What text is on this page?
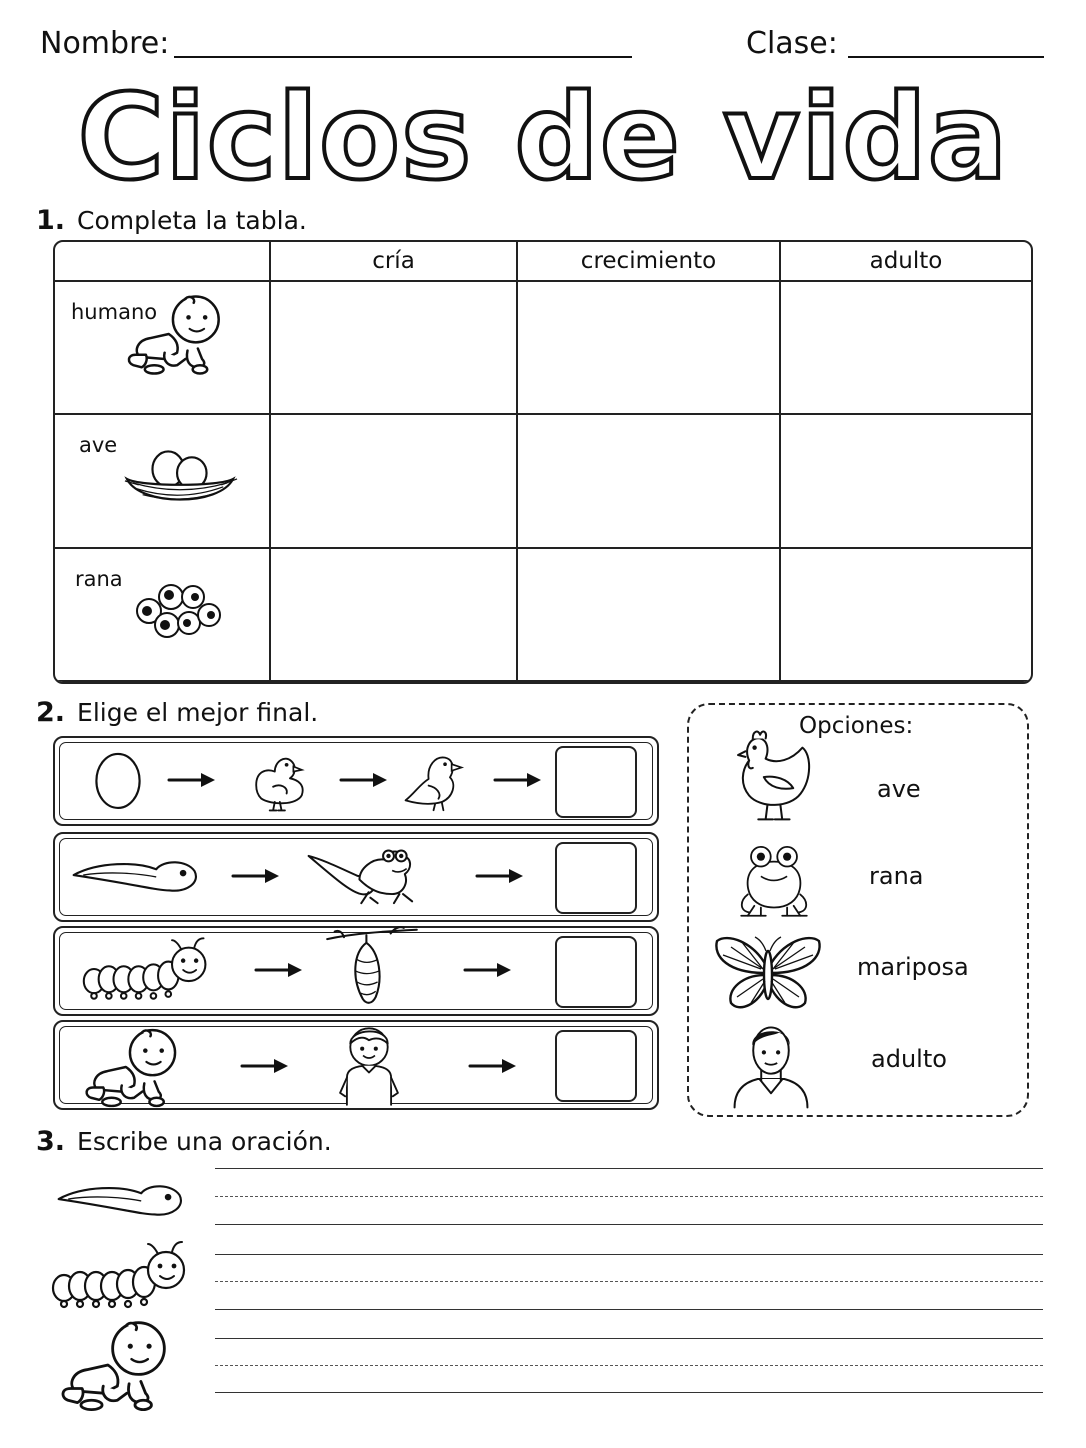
Nombre:	Clase:
Ciclos de vida
1. Completa la tabla.
	cría	crecimiento	adulto

humano			

ave			

rana			

2. Elige el mejor final.	Opciones:
ave
rana
mariposa
adulto
3. Escribe una oración.
